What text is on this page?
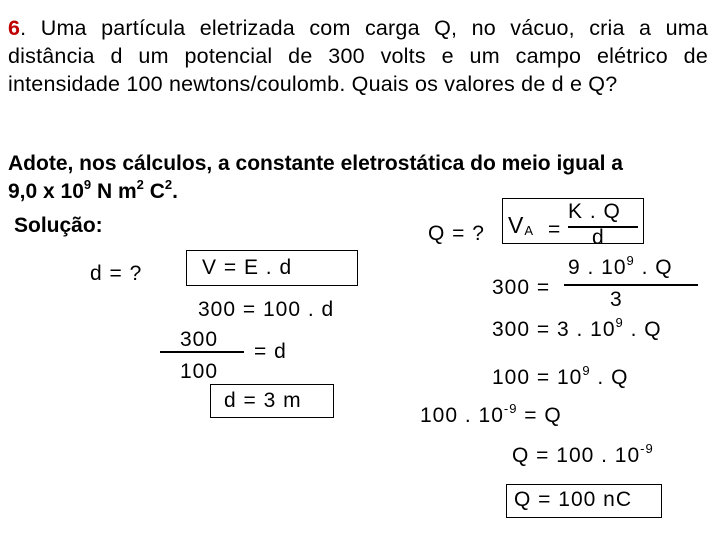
6. Uma partícula eletrizada com carga Q, no vácuo, cria a uma distância d um potencial de 300 volts e um campo elétrico de intensidade 100 newtons/coulomb. Quais os valores de d e Q?
Adote, nos cálculos, a constante eletrostática do meio igual a
9,0 x $10^9$ N $m^2$ $C^2$.
Solução:
d = ?	V = E . d
300 = 100 . d
300
= d
100
d = 3 m
Q = ? $V_A$ =
K . Q
d
300 =
9 . $10^9$ . Q
3
300 = 3 . $10^9$ . Q
$100 = 10^9$ . Q
100 . $10^{-9} = Q$
Q = 100 . $10^{-9}$
Q = 100 nC
